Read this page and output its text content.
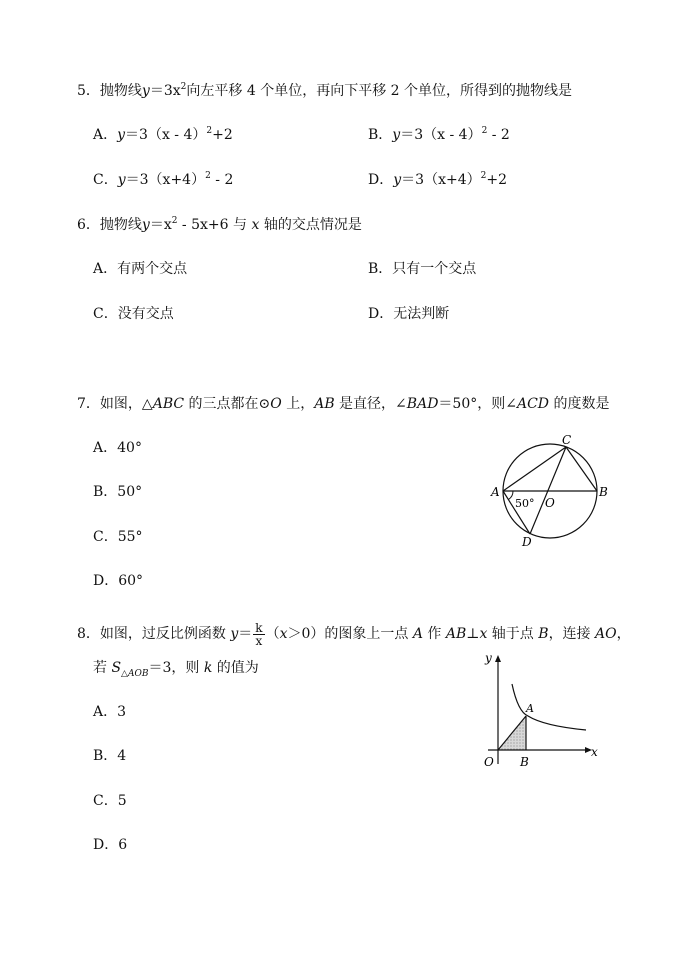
5．抛物线$y=3x^2$向左平移 4 个单位，再向下平移 2 个单位，所得到的抛物线是
A．y＝3（x - 4）$^2$+2	B．y＝3（x - 4）$^2$ - 2
C．$y=3(x+4)^2 - 2$	D．$y=3(x+4)^2+2$
6．抛物线$y=x^2 - 5x+6$ 与 x 轴的交点情况是
A．有两个交点	B．只有一个交点
C．没有交点	D．无法判断
7．如图，△ABC 的三点都在⊙O 上，AB 是直径，∠BAD＝50°，则∠ACD 的度数是
A．40°
B．50°
C．55°
D．60°
C
A	B
O
D
50°
8．如图，过反比例函数 $y= \frac{k}{x} (x>0)$的图象上一点 A 作 AB⊥x 轴于点 B，连接 AO，
若 $S_{\triangle AOB}=3$，则 k 的值为
A．3
B．4
C．5
D．6
y
x
O
A
B
